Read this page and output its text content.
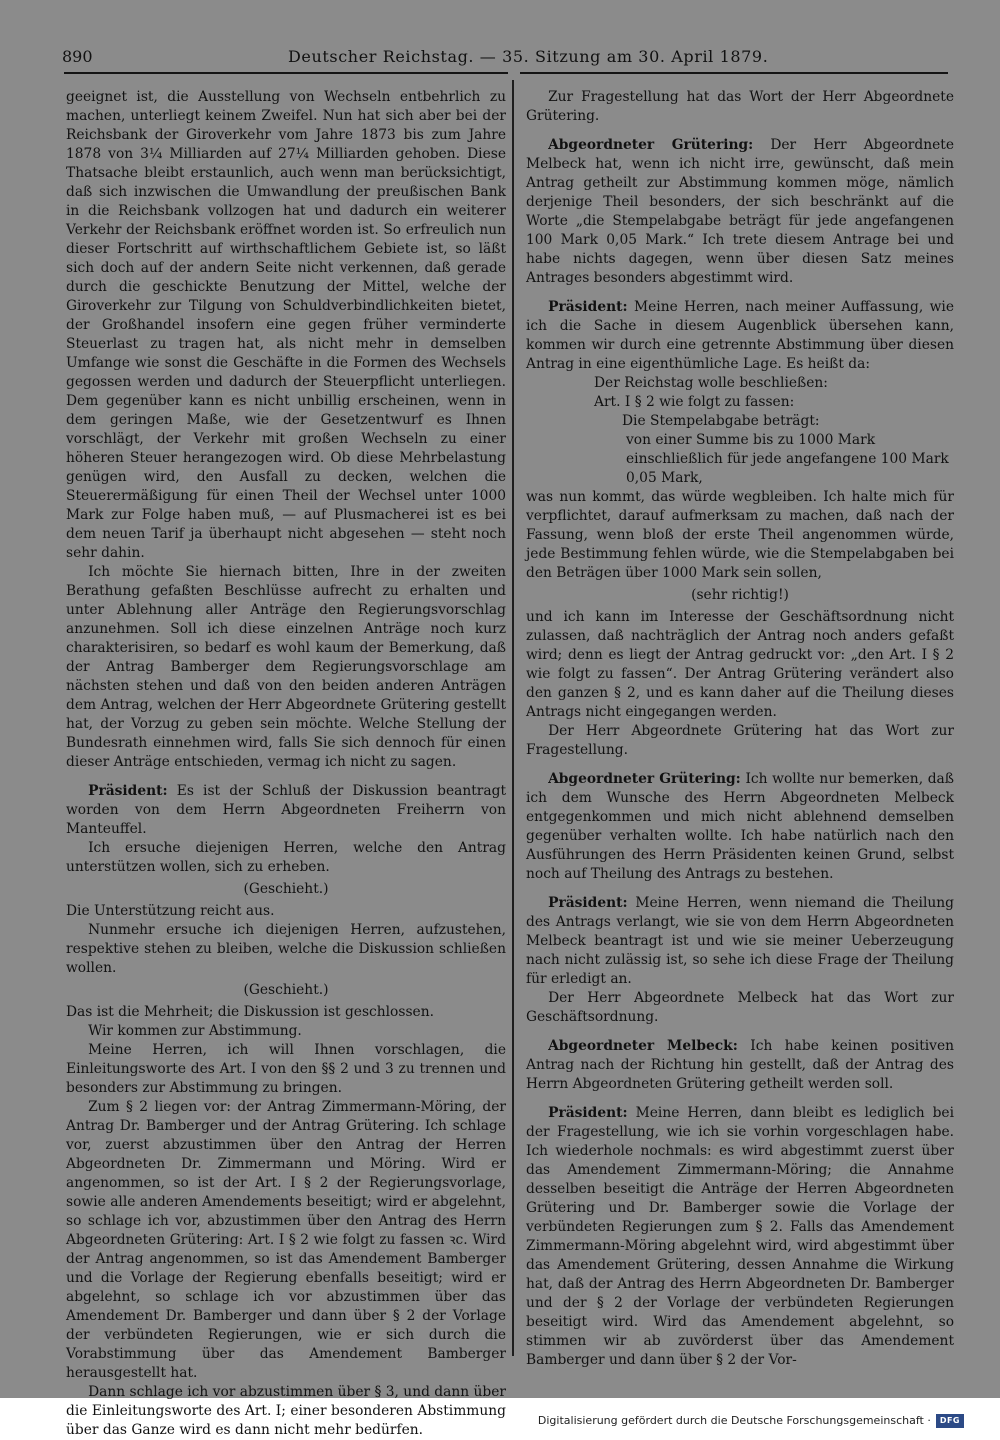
890	Deutscher Reichstag. — 35. Sitzung am 30. April 1879.

geeignet ist, die Ausstellung von Wechseln entbehrlich zu machen, unterliegt keinem Zweifel. Nun hat sich aber bei der Reichsbank der Giroverkehr vom Jahre 1873 bis zum Jahre 1878 von 3¼ Milliarden auf 27¼ Milliarden gehoben. Diese Thatsache bleibt erstaunlich, auch wenn man berücksichtigt, daß sich inzwischen die Umwandlung der preußischen Bank in die Reichsbank vollzogen hat und dadurch ein weiterer Verkehr der Reichsbank eröffnet worden ist. So erfreulich nun dieser Fortschritt auf wirthschaftlichem Gebiete ist, so läßt sich doch auf der andern Seite nicht verkennen, daß gerade durch die geschickte Benutzung der Mittel, welche der Giroverkehr zur Tilgung von Schuldverbindlichkeiten bietet, der Großhandel insofern eine gegen früher verminderte Steuerlast zu tragen hat, als nicht mehr in demselben Umfange wie sonst die Geschäfte in die Formen des Wechsels gegossen werden und dadurch der Steuerpflicht unterliegen. Dem gegenüber kann es nicht unbillig erscheinen, wenn in dem geringen Maße, wie der Gesetzentwurf es Ihnen vorschlägt, der Verkehr mit großen Wechseln zu einer höheren Steuer herangezogen wird. Ob diese Mehrbelastung genügen wird, den Ausfall zu decken, welchen die Steuerermäßigung für einen Theil der Wechsel unter 1000 Mark zur Folge haben muß, — auf Plusmacherei ist es bei dem neuen Tarif ja überhaupt nicht abgesehen — steht noch sehr dahin.

Ich möchte Sie hiernach bitten, Ihre in der zweiten Berathung gefaßten Beschlüsse aufrecht zu erhalten und unter Ablehnung aller Anträge den Regierungsvorschlag anzunehmen. Soll ich diese einzelnen Anträge noch kurz charakterisiren, so bedarf es wohl kaum der Bemerkung, daß der Antrag Bamberger dem Regierungsvorschlage am nächsten stehen und daß von den beiden anderen Anträgen dem Antrag, welchen der Herr Abgeordnete Grütering gestellt hat, der Vorzug zu geben sein möchte. Welche Stellung der Bundesrath einnehmen wird, falls Sie sich dennoch für einen dieser Anträge entschieden, vermag ich nicht zu sagen.

Präsident: Es ist der Schluß der Diskussion beantragt worden von dem Herrn Abgeordneten Freiherrn von Manteuffel.

Ich ersuche diejenigen Herren, welche den Antrag unterstützen wollen, sich zu erheben.

(Geschieht.)

Die Unterstützung reicht aus.

Nunmehr ersuche ich diejenigen Herren, aufzustehen, respektive stehen zu bleiben, welche die Diskussion schließen wollen.

(Geschieht.)

Das ist die Mehrheit; die Diskussion ist geschlossen.

Wir kommen zur Abstimmung.

Meine Herren, ich will Ihnen vorschlagen, die Einleitungsworte des Art. I von den §§ 2 und 3 zu trennen und besonders zur Abstimmung zu bringen.

Zum § 2 liegen vor: der Antrag Zimmermann-Möring, der Antrag Dr. Bamberger und der Antrag Grütering. Ich schlage vor, zuerst abzustimmen über den Antrag der Herren Abgeordneten Dr. Zimmermann und Möring. Wird er angenommen, so ist der Art. I § 2 der Regierungsvorlage, sowie alle anderen Amendements beseitigt; wird er abgelehnt, so schlage ich vor, abzustimmen über den Antrag des Herrn Abgeordneten Grütering: Art. I § 2 wie folgt zu fassen ꝛc. Wird der Antrag angenommen, so ist das Amendement Bamberger und die Vorlage der Regierung ebenfalls beseitigt; wird er abgelehnt, so schlage ich vor abzustimmen über das Amendement Dr. Bamberger und dann über § 2 der Vorlage der verbündeten Regierungen, wie er sich durch die Vorabstimmung über das Amendement Bamberger herausgestellt hat.

Dann schlage ich vor abzustimmen über § 3, und dann über die Einleitungsworte des Art. I; einer besonderen Abstimmung über das Ganze wird es dann nicht mehr bedürfen.

Zur Fragestellung hat das Wort der Herr Abgeordnete Grütering.

Abgeordneter Grütering: Der Herr Abgeordnete Melbeck hat, wenn ich nicht irre, gewünscht, daß mein Antrag getheilt zur Abstimmung kommen möge, nämlich derjenige Theil besonders, der sich beschränkt auf die Worte „die Stempelabgabe beträgt für jede angefangenen 100 Mark 0,05 Mark.“ Ich trete diesem Antrage bei und habe nichts dagegen, wenn über diesen Satz meines Antrages besonders abgestimmt wird.

Präsident: Meine Herren, nach meiner Auffassung, wie ich die Sache in diesem Augenblick übersehen kann, kommen wir durch eine getrennte Abstimmung über diesen Antrag in eine eigenthümliche Lage. Es heißt da:

Der Reichstag wolle beschließen:

Art. I § 2 wie folgt zu fassen:

Die Stempelabgabe beträgt:

von einer Summe bis zu 1000 Mark einschließlich für jede angefangene 100 Mark 0,05 Mark,

was nun kommt, das würde wegbleiben. Ich halte mich für verpflichtet, darauf aufmerksam zu machen, daß nach der Fassung, wenn bloß der erste Theil angenommen würde, jede Bestimmung fehlen würde, wie die Stempelabgaben bei den Beträgen über 1000 Mark sein sollen,

(sehr richtig!)

und ich kann im Interesse der Geschäftsordnung nicht zulassen, daß nachträglich der Antrag noch anders gefaßt wird; denn es liegt der Antrag gedruckt vor: „den Art. I § 2 wie folgt zu fassen“. Der Antrag Grütering verändert also den ganzen § 2, und es kann daher auf die Theilung dieses Antrags nicht eingegangen werden.

Der Herr Abgeordnete Grütering hat das Wort zur Fragestellung.

Abgeordneter Grütering: Ich wollte nur bemerken, daß ich dem Wunsche des Herrn Abgeordneten Melbeck entgegenkommen und mich nicht ablehnend demselben gegenüber verhalten wollte. Ich habe natürlich nach den Ausführungen des Herrn Präsidenten keinen Grund, selbst noch auf Theilung des Antrags zu bestehen.

Präsident: Meine Herren, wenn niemand die Theilung des Antrags verlangt, wie sie von dem Herrn Abgeordneten Melbeck beantragt ist und wie sie meiner Ueberzeugung nach nicht zulässig ist, so sehe ich diese Frage der Theilung für erledigt an.

Der Herr Abgeordnete Melbeck hat das Wort zur Geschäftsordnung.

Abgeordneter Melbeck: Ich habe keinen positiven Antrag nach der Richtung hin gestellt, daß der Antrag des Herrn Abgeordneten Grütering getheilt werden soll.

Präsident: Meine Herren, dann bleibt es lediglich bei der Fragestellung, wie ich sie vorhin vorgeschlagen habe. Ich wiederhole nochmals: es wird abgestimmt zuerst über das Amendement Zimmermann-Möring; die Annahme desselben beseitigt die Anträge der Herren Abgeordneten Grütering und Dr. Bamberger sowie die Vorlage der verbündeten Regierungen zum § 2. Falls das Amendement Zimmermann-Möring abgelehnt wird, wird abgestimmt über das Amendement Grütering, dessen Annahme die Wirkung hat, daß der Antrag des Herrn Abgeordneten Dr. Bamberger und der § 2 der Vorlage der verbündeten Regierungen beseitigt wird. Wird das Amendement abgelehnt, so stimmen wir ab zuvörderst über das Amendement Bamberger und dann über § 2 der Vor-

Digitalisierung gefördert durch die Deutsche Forschungsgemeinschaft ·	DFG
